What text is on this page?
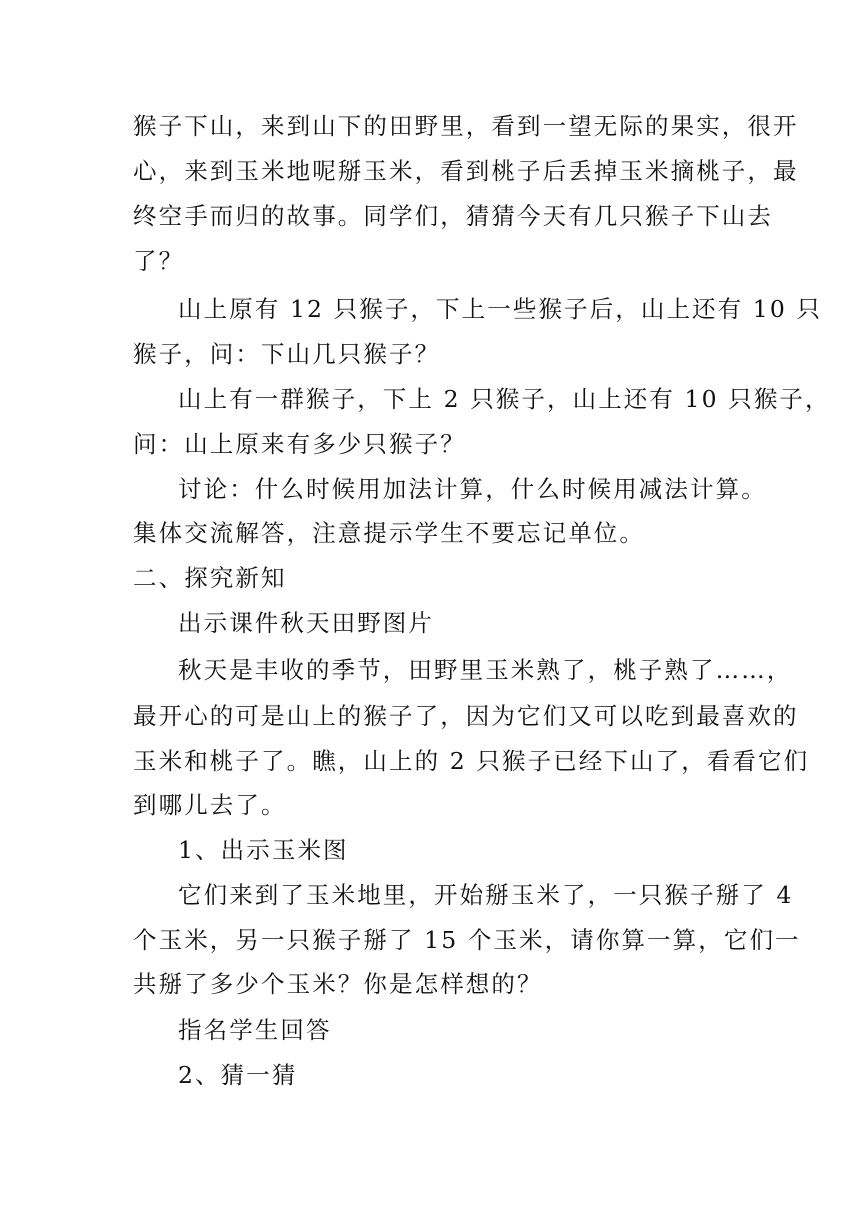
猴子下山，来到山下的田野里，看到一望无际的果实，很开
心，来到玉米地呢掰玉米，看到桃子后丢掉玉米摘桃子，最
终空手而归的故事。同学们，猜猜今天有几只猴子下山去
了？
山上原有 12 只猴子，下上一些猴子后，山上还有 10 只
猴子，问：下山几只猴子？
山上有一群猴子，下上 2 只猴子，山上还有 10 只猴子，
问：山上原来有多少只猴子？
讨论：什么时候用加法计算，什么时候用减法计算。
集体交流解答，注意提示学生不要忘记单位。
二、探究新知
出示课件秋天田野图片
秋天是丰收的季节，田野里玉米熟了，桃子熟了……，
最开心的可是山上的猴子了，因为它们又可以吃到最喜欢的
玉米和桃子了。瞧，山上的 2 只猴子已经下山了，看看它们
到哪儿去了。
1、出示玉米图
它们来到了玉米地里，开始掰玉米了，一只猴子掰了 4
个玉米，另一只猴子掰了 15 个玉米，请你算一算，它们一
共掰了多少个玉米？你是怎样想的？
指名学生回答
2、猜一猜
